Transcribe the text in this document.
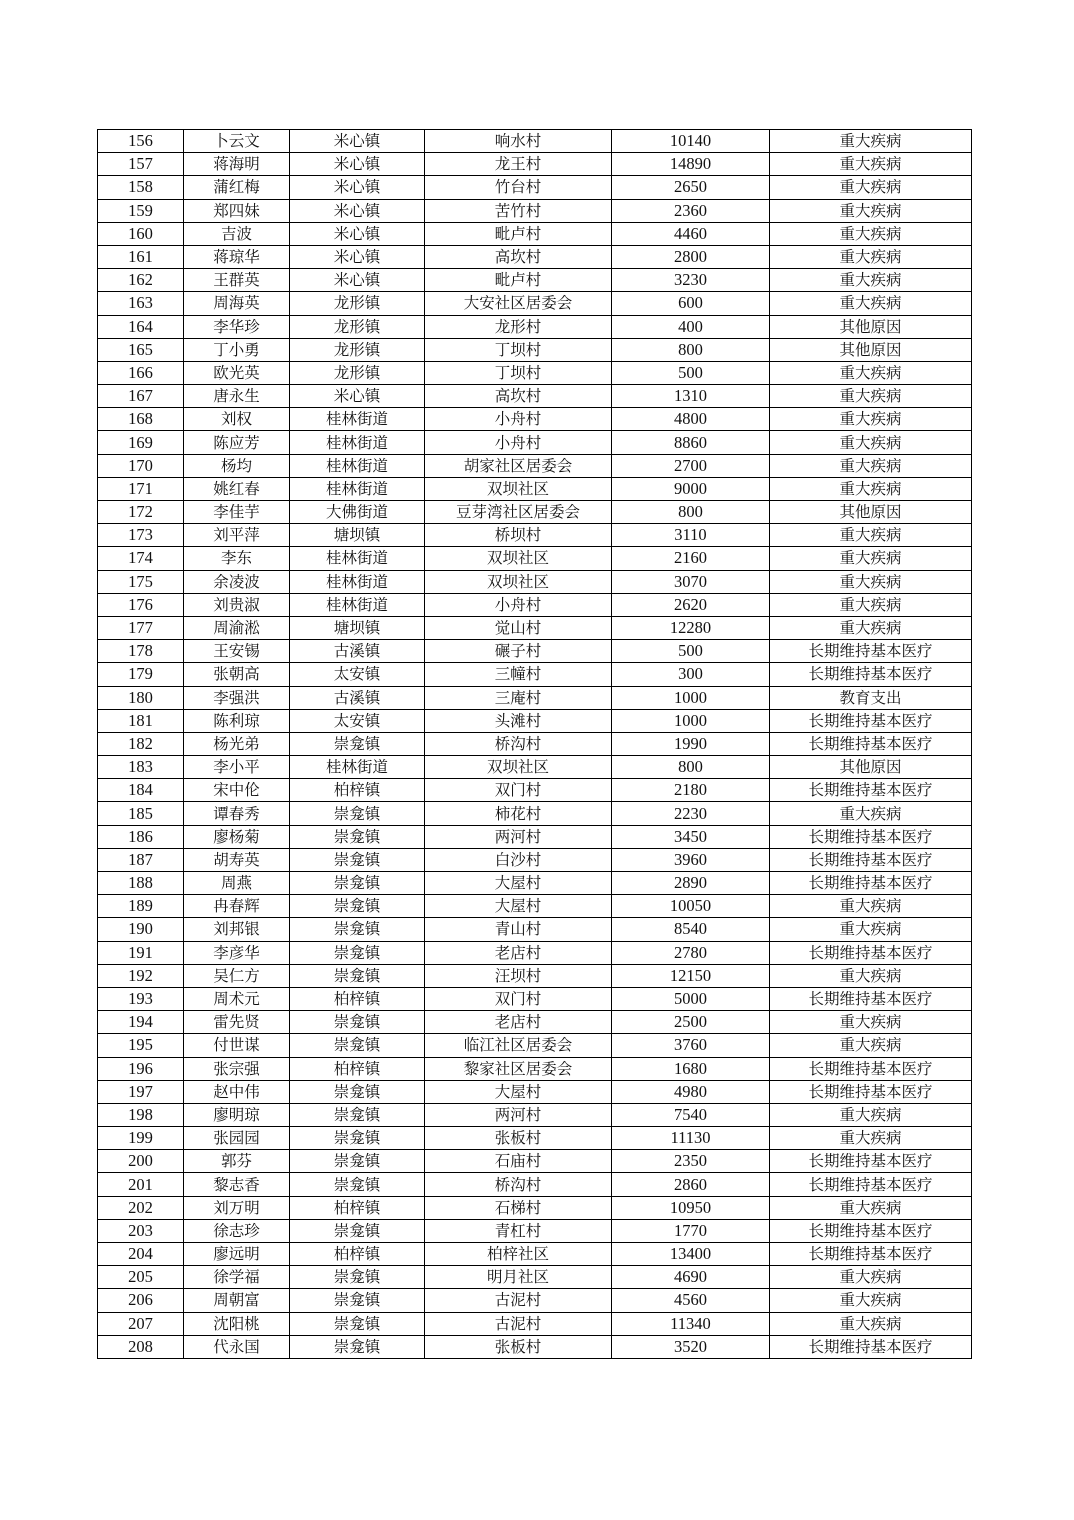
156	卜云文	米心镇	响水村	10140	重大疾病
157	蒋海明	米心镇	龙王村	14890	重大疾病
158	蒲红梅	米心镇	竹台村	2650	重大疾病
159	郑四妹	米心镇	苦竹村	2360	重大疾病
160	吉波	米心镇	毗卢村	4460	重大疾病
161	蒋琼华	米心镇	高坎村	2800	重大疾病
162	王群英	米心镇	毗卢村	3230	重大疾病
163	周海英	龙形镇	大安社区居委会	600	重大疾病
164	李华珍	龙形镇	龙形村	400	其他原因
165	丁小勇	龙形镇	丁坝村	800	其他原因
166	欧光英	龙形镇	丁坝村	500	重大疾病
167	唐永生	米心镇	高坎村	1310	重大疾病
168	刘权	桂林街道	小舟村	4800	重大疾病
169	陈应芳	桂林街道	小舟村	8860	重大疾病
170	杨均	桂林街道	胡家社区居委会	2700	重大疾病
171	姚红春	桂林街道	双坝社区	9000	重大疾病
172	李佳芋	大佛街道	豆芽湾社区居委会	800	其他原因
173	刘平萍	塘坝镇	桥坝村	3110	重大疾病
174	李东	桂林街道	双坝社区	2160	重大疾病
175	余凌波	桂林街道	双坝社区	3070	重大疾病
176	刘贵淑	桂林街道	小舟村	2620	重大疾病
177	周渝淞	塘坝镇	觉山村	12280	重大疾病
178	王安锡	古溪镇	碾子村	500	长期维持基本医疗
179	张朝高	太安镇	三幢村	300	长期维持基本医疗
180	李强洪	古溪镇	三庵村	1000	教育支出
181	陈利琼	太安镇	头滩村	1000	长期维持基本医疗
182	杨光弟	崇龛镇	桥沟村	1990	长期维持基本医疗
183	李小平	桂林街道	双坝社区	800	其他原因
184	宋中伦	柏梓镇	双门村	2180	长期维持基本医疗
185	谭春秀	崇龛镇	柿花村	2230	重大疾病
186	廖杨菊	崇龛镇	两河村	3450	长期维持基本医疗
187	胡寿英	崇龛镇	白沙村	3960	长期维持基本医疗
188	周燕	崇龛镇	大屋村	2890	长期维持基本医疗
189	冉春辉	崇龛镇	大屋村	10050	重大疾病
190	刘邦银	崇龛镇	青山村	8540	重大疾病
191	李彦华	崇龛镇	老店村	2780	长期维持基本医疗
192	吴仁方	崇龛镇	汪坝村	12150	重大疾病
193	周术元	柏梓镇	双门村	5000	长期维持基本医疗
194	雷先贤	崇龛镇	老店村	2500	重大疾病
195	付世谋	崇龛镇	临江社区居委会	3760	重大疾病
196	张宗强	柏梓镇	黎家社区居委会	1680	长期维持基本医疗
197	赵中伟	崇龛镇	大屋村	4980	长期维持基本医疗
198	廖明琼	崇龛镇	两河村	7540	重大疾病
199	张园园	崇龛镇	张板村	11130	重大疾病
200	郭芬	崇龛镇	石庙村	2350	长期维持基本医疗
201	黎志香	崇龛镇	桥沟村	2860	长期维持基本医疗
202	刘万明	柏梓镇	石梯村	10950	重大疾病
203	徐志珍	崇龛镇	青杠村	1770	长期维持基本医疗
204	廖远明	柏梓镇	柏梓社区	13400	长期维持基本医疗
205	徐学福	崇龛镇	明月社区	4690	重大疾病
206	周朝富	崇龛镇	古泥村	4560	重大疾病
207	沈阳桃	崇龛镇	古泥村	11340	重大疾病
208	代永国	崇龛镇	张板村	3520	长期维持基本医疗
